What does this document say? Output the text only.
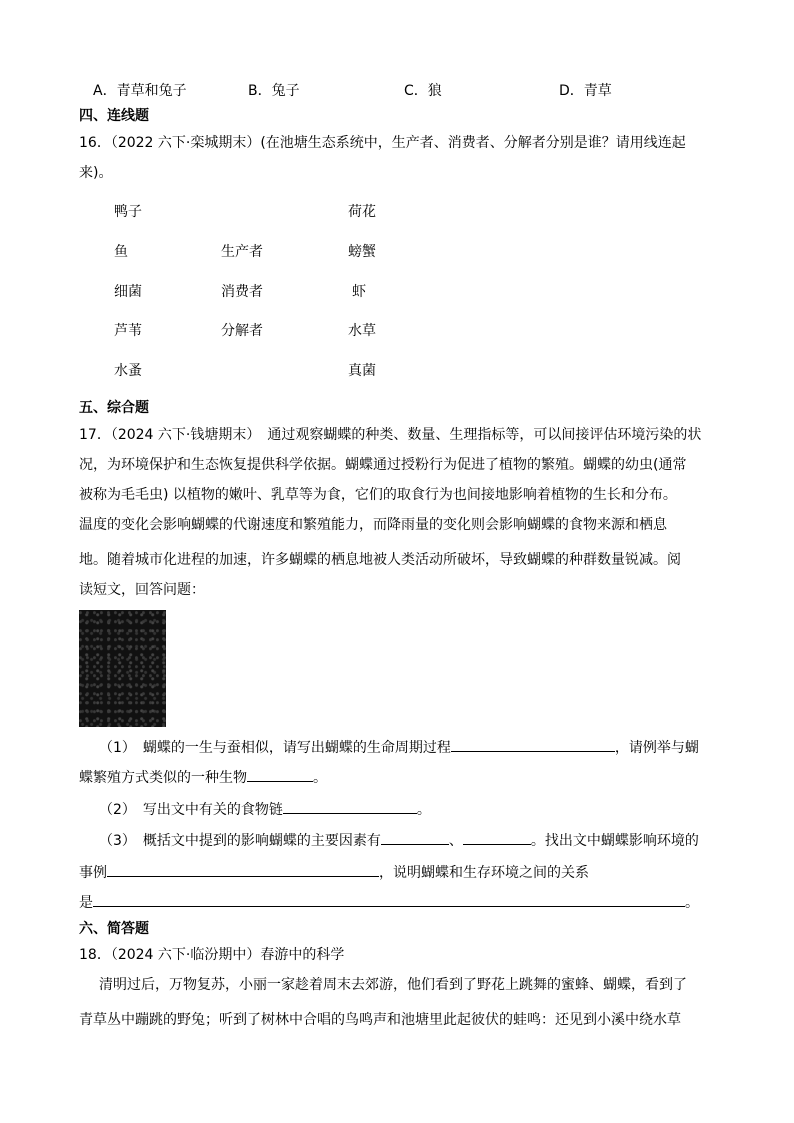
A．青草和兔子	B．兔子	C．狼	D．青草
四、连线题
16．（2022 六下·栾城期末）(在池塘生态系统中，生产者、消费者、分解者分别是谁？请用线连起
来)。
鸭子
鱼
细菌
芦苇
水蚤
生产者
消费者
分解者
荷花
螃蟹
虾
水草
真菌
五、综合题
17．（2024 六下·钱塘期末）　通过观察蝴蝶的种类、数量、生理指标等，可以间接评估环境污染的状
况，为环境保护和生态恢复提供科学依据。蝴蝶通过授粉行为促进了植物的繁殖。蝴蝶的幼虫(通常
被称为毛毛虫) 以植物的嫩叶、乳草等为食，它们的取食行为也间接地影响着植物的生长和分布。
温度的变化会影响蝴蝶的代谢速度和繁殖能力，而降雨量的变化则会影响蝴蝶的食物来源和栖息
地。随着城市化进程的加速，许多蝴蝶的栖息地被人类活动所破坏，导致蝴蝶的种群数量锐减。阅
读短文，回答问题：
（1）　蝴蝶的一生与蚕相似，请写出蝴蝶的生命周期过程	，请例举与蝴
蝶繁殖方式类似的一种生物	。
（2）　写出文中有关的食物链	。
（3）　概括文中提到的影响蝴蝶的主要因素有	、	。找出文中蝴蝶影响环境的
事例	，说明蝴蝶和生存环境之间的关系
是	。
六、简答题
18．（2024 六下·临汾期中）春游中的科学
清明过后，万物复苏，小丽一家趁着周末去郊游，他们看到了野花上跳舞的蜜蜂、蝴蝶，看到了
青草丛中蹦跳的野兔；听到了树林中合唱的鸟鸣声和池塘里此起彼伏的蛙鸣：还见到小溪中绕水草
